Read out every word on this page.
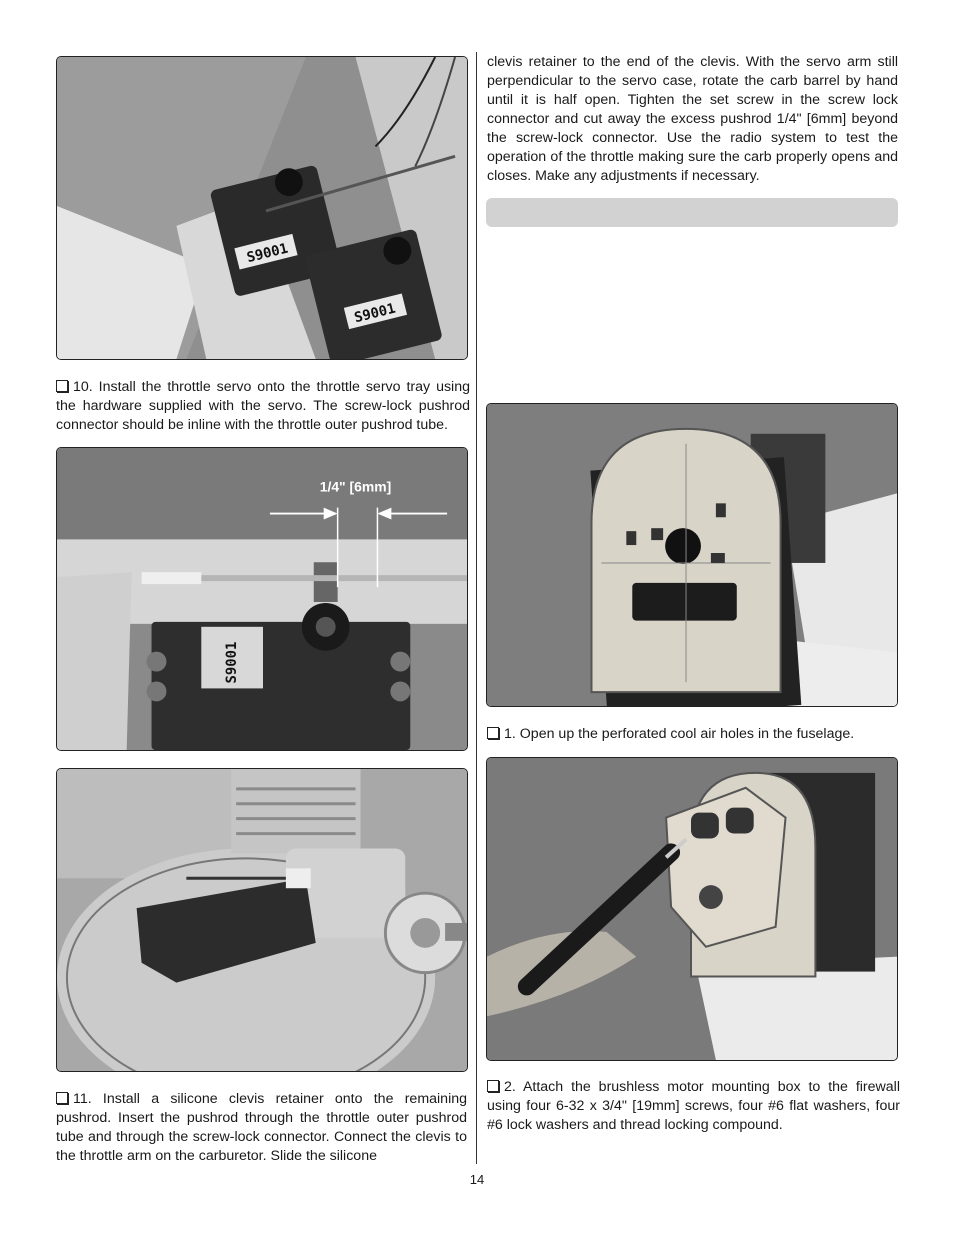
S9001
S9001

10. Install the throttle servo onto the throttle servo tray using the hardware supplied with the servo. The screw-lock pushrod connector should be inline with the throttle outer pushrod tube.

S9001
1/4" [6mm]

11. Install a silicone clevis retainer onto the remaining pushrod. Insert the pushrod through the throttle outer pushrod tube and through the screw-lock connector. Connect the clevis to the throttle arm on the carburetor. Slide the silicone

clevis retainer to the end of the clevis. With the servo arm still perpendicular to the servo case, rotate the carb barrel by hand until it is half open. Tighten the set screw in the screw lock connector and cut away the excess pushrod 1/4" [6mm] beyond the screw-lock connector. Use the radio system to test the operation of the throttle making sure the carb properly opens and closes. Make any adjustments if necessary.

1. Open up the perforated cool air holes in the fuselage.

2. Attach the brushless motor mounting box to the firewall using four 6-32 x 3/4" [19mm] screws, four #6 flat washers, four #6 lock washers and thread locking compound.

14
